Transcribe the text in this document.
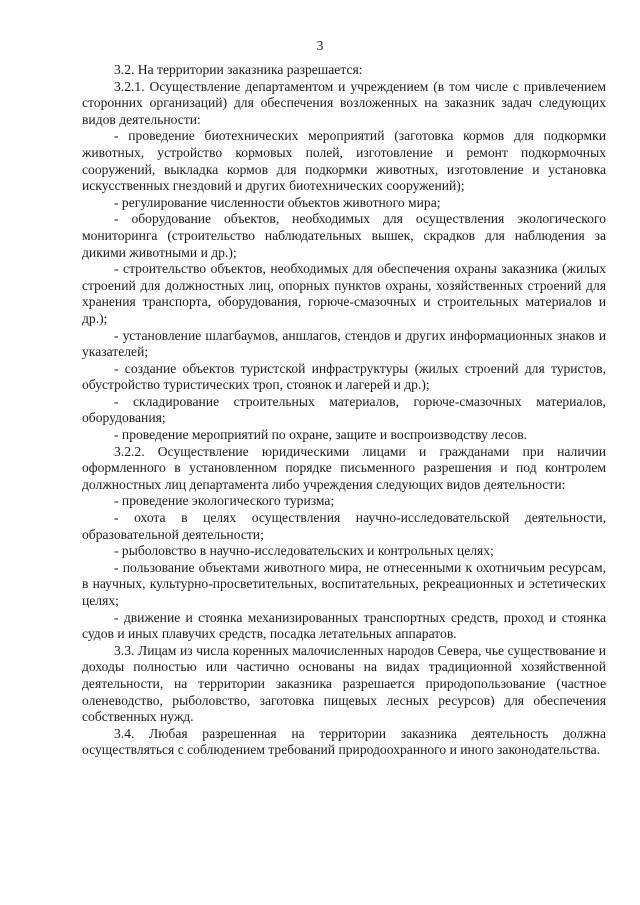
3

3.2. На территории заказника разрешается:

3.2.1. Осуществление департаментом и учреждением (в том числе с привлечением сторонних организаций) для обеспечения возложенных на заказник задач следующих видов деятельности:

- проведение биотехнических мероприятий (заготовка кормов для подкормки животных, устройство кормовых полей, изготовление и ремонт подкормочных сооружений, выкладка кормов для подкормки животных, изготовление и установка искусственных гнездовий и других биотехнических сооружений);

- регулирование численности объектов животного мира;

- оборудование объектов, необходимых для осуществления экологического мониторинга (строительство наблюдательных вышек, скрадков для наблюдения за дикими животными и др.);

- строительство объектов, необходимых для обеспечения охраны заказника (жилых строений для должностных лиц, опорных пунктов охраны, хозяйственных строений для хранения транспорта, оборудования, горюче-смазочных и строительных материалов и др.);

- установление шлагбаумов, аншлагов, стендов и других информационных знаков и указателей;

- создание объектов туристской инфраструктуры (жилых строений для туристов, обустройство туристических троп, стоянок и лагерей и др.);

- складирование строительных материалов, горюче-смазочных материалов, оборудования;

- проведение мероприятий по охране, защите и воспроизводству лесов.

3.2.2. Осуществление юридическими лицами и гражданами при наличии оформленного в установленном порядке письменного разрешения и под контролем должностных лиц департамента либо учреждения следующих видов деятельности:

- проведение экологического туризма;

- охота в целях осуществления научно-исследовательской деятельности, образовательной деятельности;

- рыболовство в научно-исследовательских и контрольных целях;

- пользование объектами животного мира, не отнесенными к охотничьим ресурсам, в научных, культурно-просветительных, воспитательных, рекреационных и эстетических целях;

- движение и стоянка механизированных транспортных средств, проход и стоянка судов и иных плавучих средств, посадка летательных аппаратов.

3.3. Лицам из числа коренных малочисленных народов Севера, чье существование и доходы полностью или частично основаны на видах традиционной хозяйственной деятельности, на территории заказника разрешается природопользование (частное оленеводство, рыболовство, заготовка пищевых лесных ресурсов) для обеспечения собственных нужд.

3.4. Любая разрешенная на территории заказника деятельность должна осуществляться с соблюдением требований природоохранного и иного законодательства.
